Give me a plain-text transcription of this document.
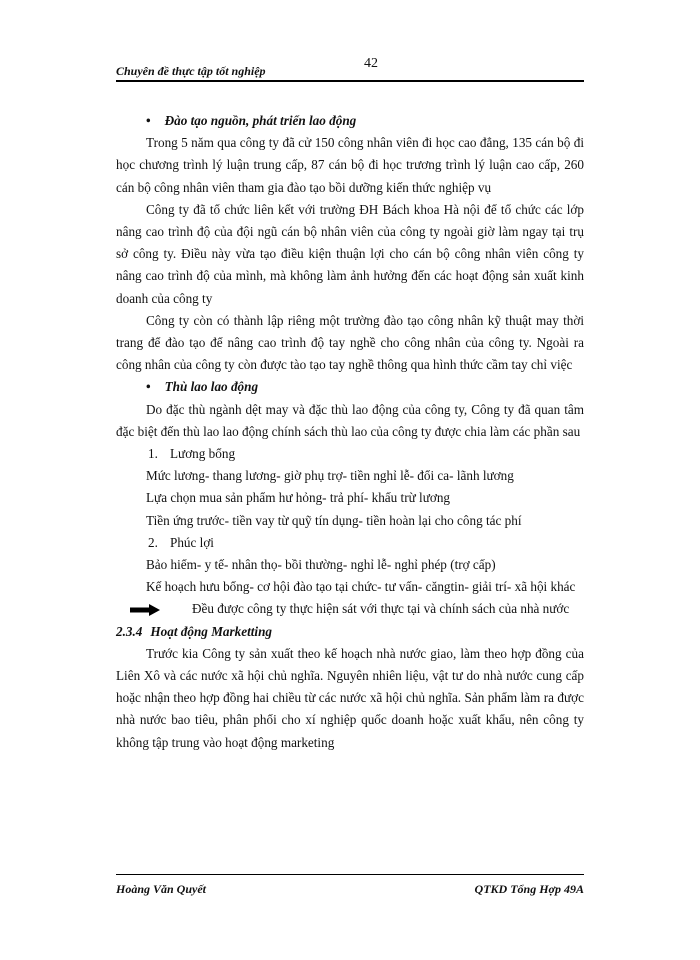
Chuyên đề thực tập tốt nghiệp	42

• Đào tạo nguồn, phát triển lao động

Trong 5 năm qua công ty đã cử 150 công nhân viên đi học cao đẳng, 135 cán bộ đi học chương trình lý luận trung cấp, 87 cán bộ đi học trương trình lý luận cao cấp, 260 cán bộ công nhân viên tham gia đào tạo bồi dưỡng kiến thức nghiệp vụ

Công ty đã tổ chức liên kết với trường ĐH Bách khoa Hà nội để tổ chức các lớp nâng cao trình độ của đội ngũ cán bộ nhân viên của công ty ngoài giờ làm ngay tại trụ sở công ty. Điều này vừa tạo điều kiện thuận lợi cho cán bộ công nhân viên công ty nâng cao trình độ của mình, mà không làm ảnh hưởng đến các hoạt động sản xuất kinh doanh của công ty

Công ty còn có thành lập riêng một trường đào tạo công nhân kỹ thuật may thời trang để đào tạo để nâng cao trình độ tay nghề cho công nhân của công ty. Ngoài ra công nhân của công ty còn được tào tạo tay nghề thông qua hình thức cầm tay chỉ việc

• Thù lao lao động

Do đặc thù ngành dệt may và đặc thù lao động của công ty, Công ty đã quan tâm đặc biệt đến thù lao lao động chính sách thù lao của công ty được chia làm các phần sau

1. Lương bổng

Mức lương- thang lương- giờ phụ trợ- tiền nghỉ lễ- đổi ca- lãnh lương

Lựa chọn mua sản phẩm hư hỏng- trả phí- khấu trừ lương

Tiền ứng trước- tiền vay từ quỹ tín dụng- tiền hoàn lại cho công tác phí

2. Phúc lợi

Bảo hiểm- y tế- nhân thọ- bồi thường- nghỉ lễ- nghỉ phép (trợ cấp)

Kế hoạch hưu bổng- cơ hội đào tạo tại chức- tư vấn- căngtin- giải trí- xã hội khác

Đều được công ty thực hiện sát với thực tại và chính sách của nhà nước

2.3.4 Hoạt động Marketting

Trước kia Công ty sản xuất theo kế hoạch nhà nước giao, làm theo hợp đồng của Liên Xô và các nước xã hội chủ nghĩa. Nguyên nhiên liệu, vật tư do nhà nước cung cấp hoặc nhận theo hợp đồng hai chiều từ các nước xã hội chủ nghĩa. Sản phẩm làm ra được nhà nước bao tiêu, phân phối cho xí nghiệp quốc doanh hoặc xuất khẩu, nên công ty không tập trung vào hoạt động marketing

Hoàng Văn Quyết	QTKD Tổng Hợp 49A
